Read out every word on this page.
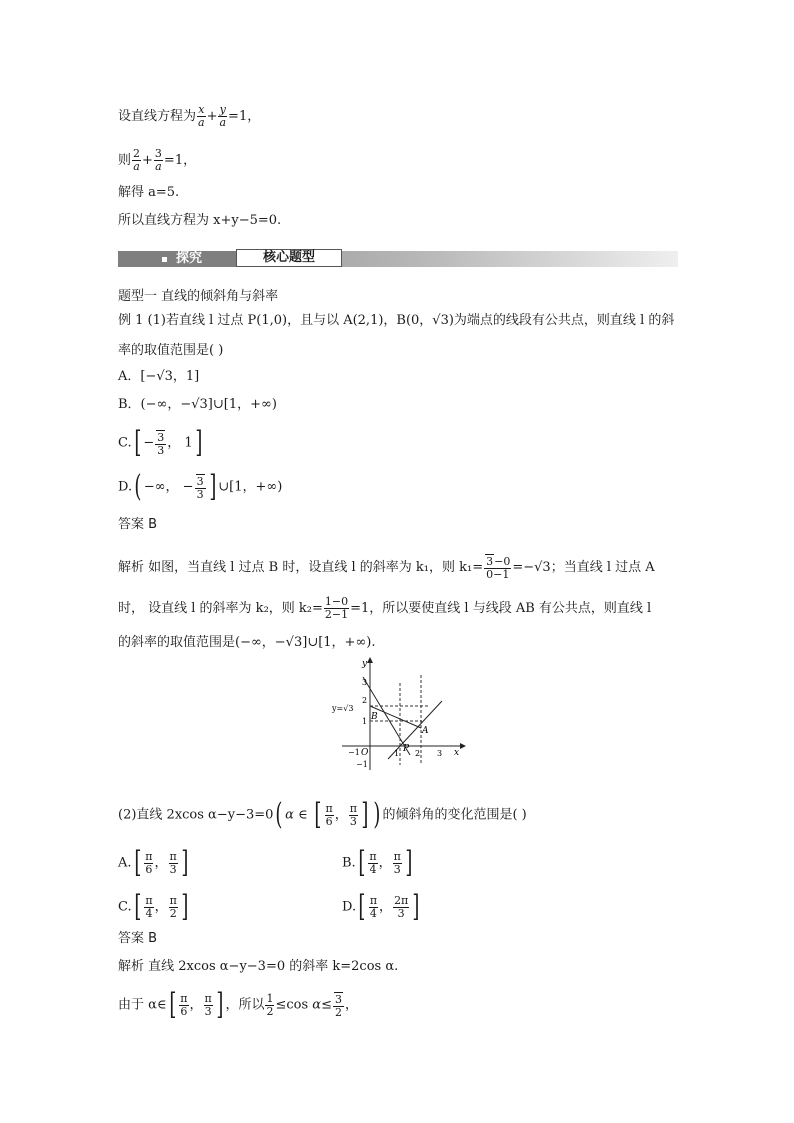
设直线方程为 $\frac{x}{a} + \frac{y}{a} =1$，
则 $\frac{2}{a} + \frac{3}{a} =1$，
解得 a=5.
所以直线方程为 x+y−5=0.
探究	核心题型
题型一 直线的倾斜角与斜率
例 1 (1)若直线 l 过点 P(1,0)，且与以 A(2,1)，B(0，√3)为端点的线段有公共点，则直线 l 的斜
率的取值范围是( )
A．[−√3，1]
B．(−∞，−√3]∪[1，+∞)
$C.[ - \frac{3}{3}$ ， 1]
D.( −∞， − $\frac{3}{3}$ ] ∪[1，+∞)
答案 B
解析 如图，当直线 l 过点 B 时，设直线 l 的斜率为 k₁，则 $k_1= \frac{3-0}{0-1} =-√3$；当直线 l 过点 A
时， 设直线 l 的斜率为 k₂，则 $k_2= \frac{1-0}{2-1} =1$，所以要使直线 l 与线段 AB 有公共点，则直线 l
的斜率的取值范围是(−∞，−√3]∪[1，+∞).
y
x
O
y=√3
B
A
P
−1	1 2 3
3
2
1
−1
(2)直线 2xcos α−y−3=0( α ∈ [ $\frac{\pi}{6}$ ， $\frac{\pi}{3}$ ] ) 的倾斜角的变化范围是( )
$A.[ \frac{\pi}{6}$ ， $\frac{\pi}{3}$ ]	$B.[ \frac{\pi}{4}$ ， $\frac{\pi}{3}$ ]
$C.[ \frac{\pi}{4}$ ， $\frac{\pi}{2}$ ]	$D.[ \frac{\pi}{4}$ ， $\frac{2\pi}{3}$ ]
答案 B
解析 直线 2xcos α−y−3=0 的斜率 k=2cos α.
由于 α∈[ $\frac{\pi}{6}$ ， $\frac{\pi}{3}$ ] ，所以 $\frac{1}{2} \le\cos$ $\alpha\le \frac{3}{2}$ ，
